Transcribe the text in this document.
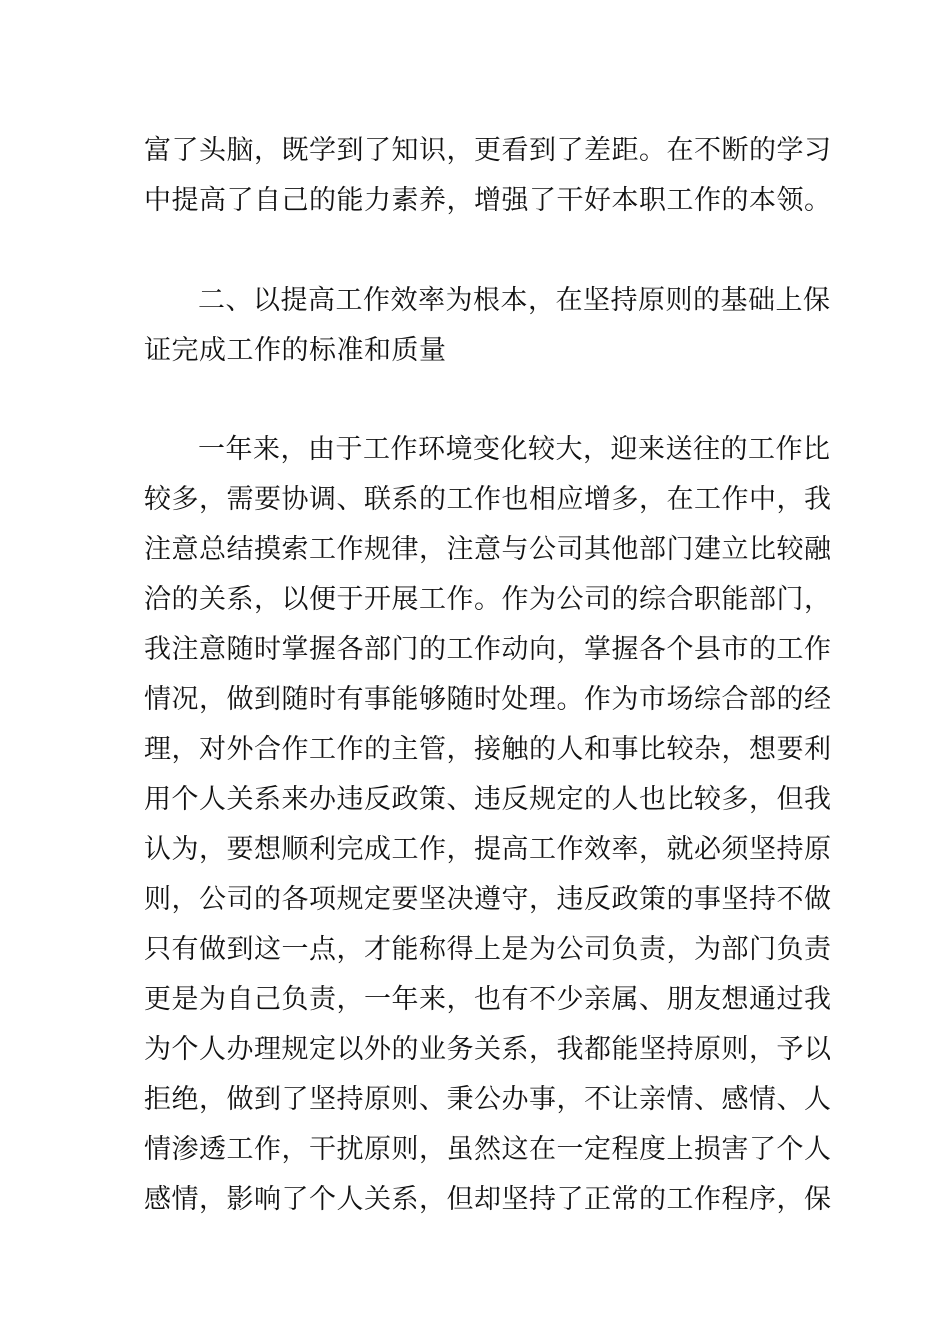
富了头脑，既学到了知识，更看到了差距。在不断的学习
中提高了自己的能力素养，增强了干好本职工作的本领。
二、以提高工作效率为根本，在坚持原则的基础上保
证完成工作的标准和质量
一年来，由于工作环境变化较大，迎来送往的工作比
较多，需要协调、联系的工作也相应增多，在工作中，我
注意总结摸索工作规律，注意与公司其他部门建立比较融
洽的关系，以便于开展工作。作为公司的综合职能部门，
我注意随时掌握各部门的工作动向，掌握各个县市的工作
情况，做到随时有事能够随时处理。作为市场综合部的经
理，对外合作工作的主管，接触的人和事比较杂，想要利
用个人关系来办违反政策、违反规定的人也比较多，但我
认为，要想顺利完成工作，提高工作效率，就必须坚持原
则，公司的各项规定要坚决遵守，违反政策的事坚持不做
只有做到这一点，才能称得上是为公司负责，为部门负责
更是为自己负责，一年来，也有不少亲属、朋友想通过我
为个人办理规定以外的业务关系，我都能坚持原则，予以
拒绝，做到了坚持原则、秉公办事，不让亲情、感情、人
情渗透工作，干扰原则，虽然这在一定程度上损害了个人
感情，影响了个人关系，但却坚持了正常的工作程序，保
